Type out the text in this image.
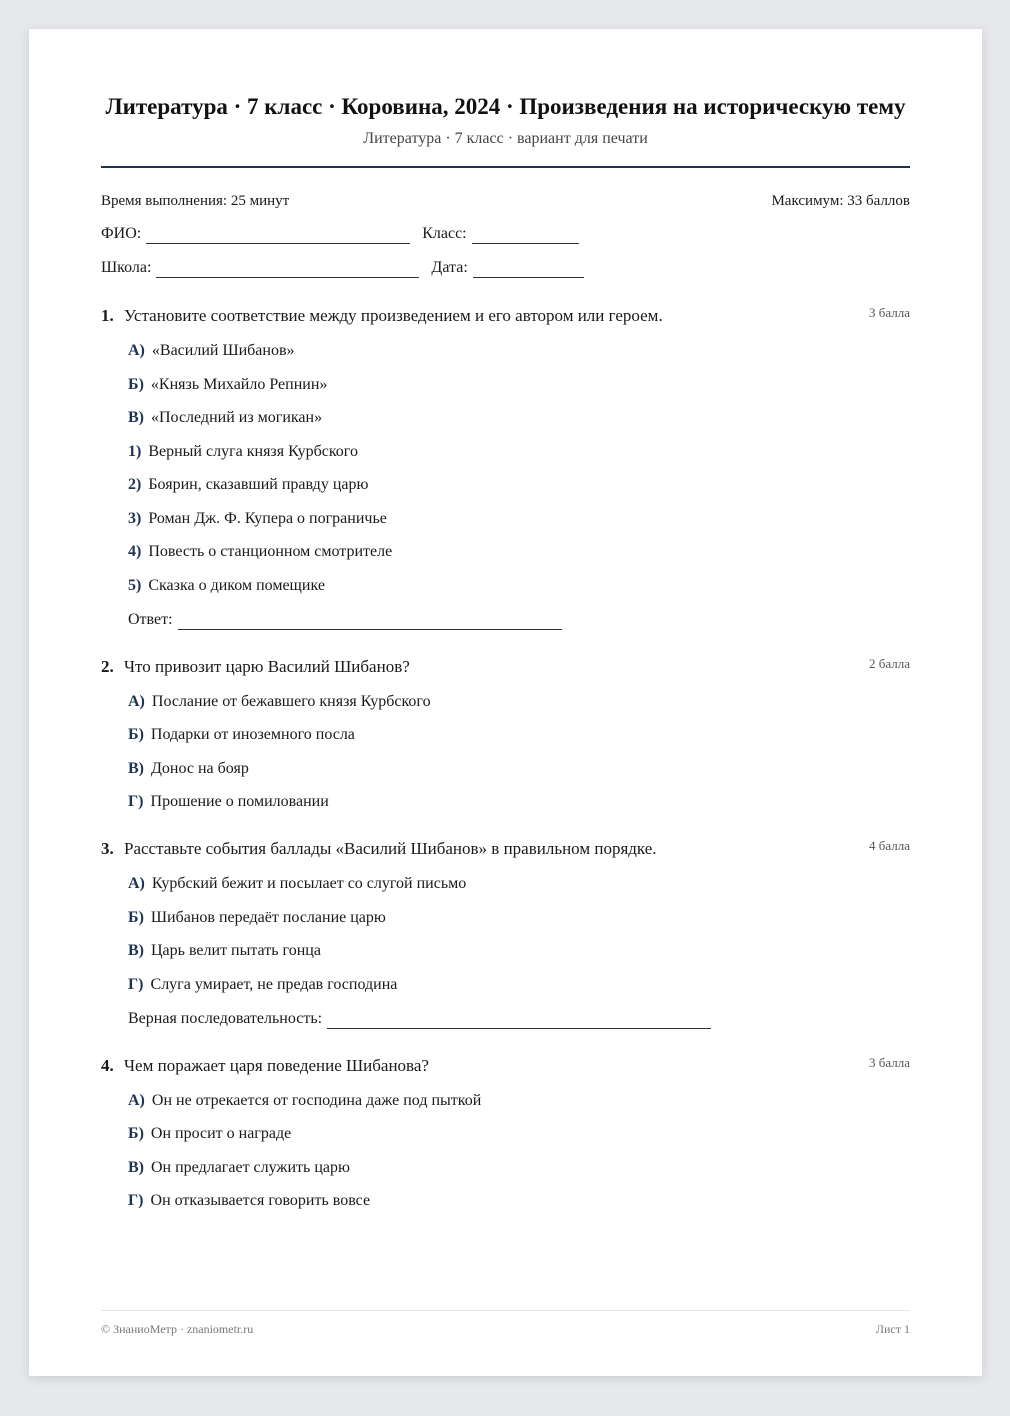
Литература · 7 класс · Коровина, 2024 · Произведения на историческую тему
Литература · 7 класс · вариант для печати
Время выполнения: 25 минут	Максимум: 33 баллов
ФИО:	Класс:
Школа:	Дата:
1. Установите соответствие между произведением и его автором или героем.	3 балла
А) «Василий Шибанов»
Б) «Князь Михайло Репнин»
В) «Последний из могикан»
1) Верный слуга князя Курбского
2) Боярин, сказавший правду царю
3) Роман Дж. Ф. Купера о пограничье
4) Повесть о станционном смотрителе
5) Сказка о диком помещике
Ответ:
2. Что привозит царю Василий Шибанов?	2 балла
А) Послание от бежавшего князя Курбского
Б) Подарки от иноземного посла
В) Донос на бояр
Г) Прошение о помиловании
3. Расставьте события баллады «Василий Шибанов» в правильном порядке.	4 балла
А) Курбский бежит и посылает со слугой письмо
Б) Шибанов передаёт послание царю
В) Царь велит пытать гонца
Г) Слуга умирает, не предав господина
Верная последовательность:
4. Чем поражает царя поведение Шибанова?	3 балла
А) Он не отрекается от господина даже под пыткой
Б) Он просит о награде
В) Он предлагает служить царю
Г) Он отказывается говорить вовсе
© ЗнаниоМетр · znaniometr.ru	Лист 1
